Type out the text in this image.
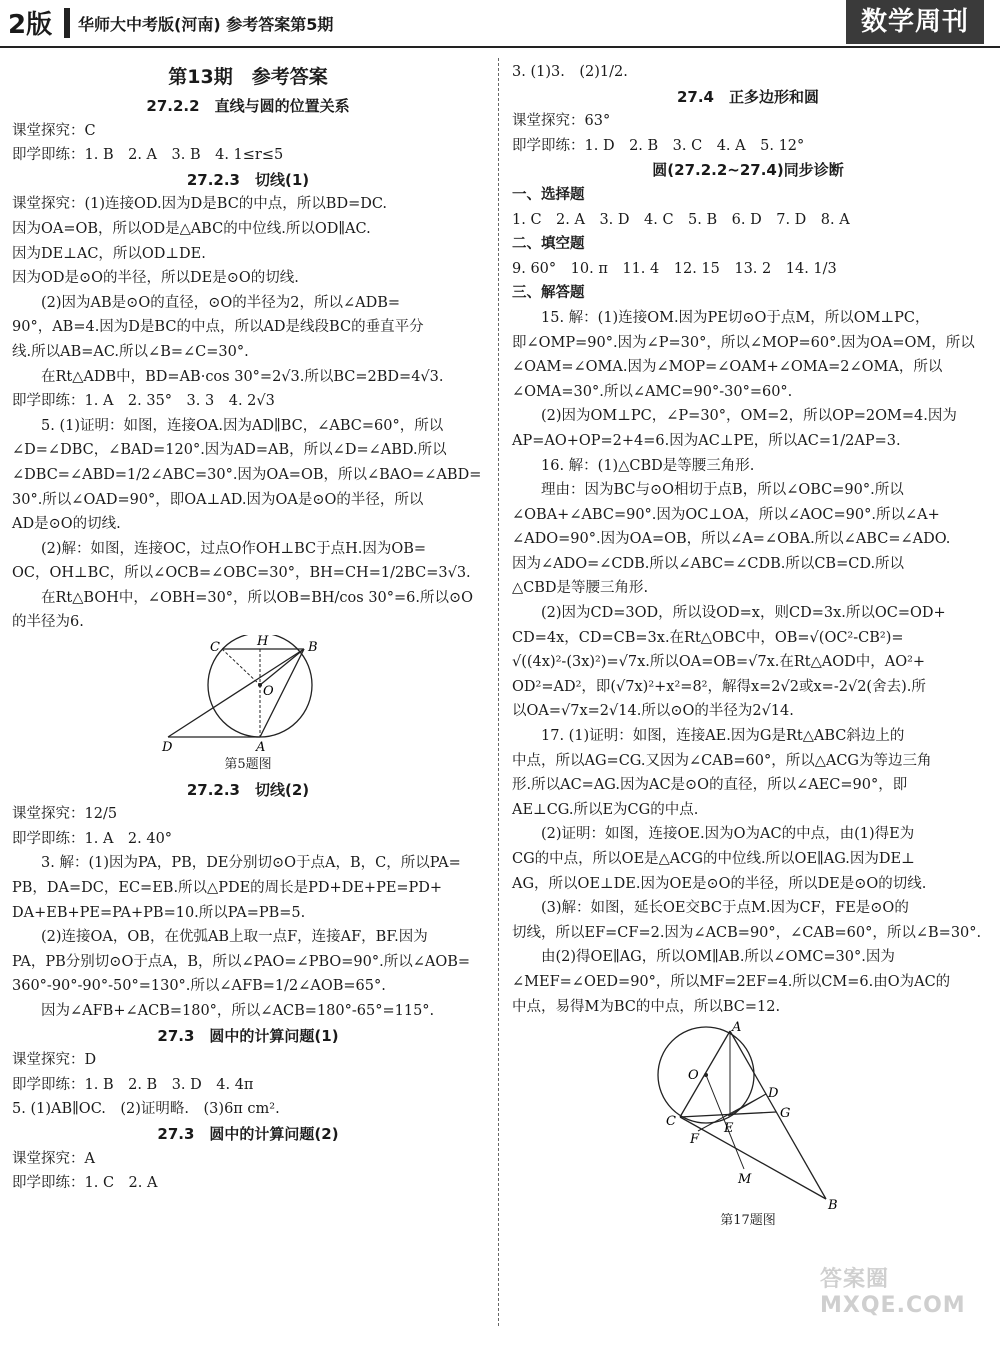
2版 华师大中考版(河南) 参考答案第5期	数学周刊

第13期　参考答案

27.2.2　直线与圆的位置关系

课堂探究：C

即学即练：1. B　2. A　3. B　4. 1≤r≤5

27.2.3　切线(1)

课堂探究：(1)连接OD.因为D是BC的中点，所以BD=DC.

因为OA=OB，所以OD是△ABC的中位线.所以OD∥AC.

因为DE⊥AC，所以OD⊥DE.

因为OD是⊙O的半径，所以DE是⊙O的切线.

(2)因为AB是⊙O的直径，⊙O的半径为2，所以∠ADB=

90°，AB=4.因为D是BC的中点，所以AD是线段BC的垂直平分

线.所以AB=AC.所以∠B=∠C=30°.

在Rt△ADB中，BD=AB·cos 30°=2√3.所以BC=2BD=4√3.

即学即练：1. A　2. 35°　3. 3　4. 2√3

5. (1)证明：如图，连接OA.因为AD∥BC，∠ABC=60°，所以

∠D=∠DBC，∠BAD=120°.因为AD=AB，所以∠D=∠ABD.所以

∠DBC=∠ABD=1/2∠ABC=30°.因为OA=OB，所以∠BAO=∠ABD=

30°.所以∠OAD=90°，即OA⊥AD.因为OA是⊙O的半径，所以

AD是⊙O的切线.

(2)解：如图，连接OC，过点O作OH⊥BC于点H.因为OB=

OC，OH⊥BC，所以∠OCB=∠OBC=30°，BH=CH=1/2BC=3√3.

在Rt△BOH中，∠OBH=30°，所以OB=BH/cos 30°=6.所以⊙O

的半径为6.

C	H	B
O
D	A

第5题图

27.2.3　切线(2)

课堂探究：12/5

即学即练：1. A　2. 40°

3. 解：(1)因为PA，PB，DE分别切⊙O于点A，B，C，所以PA=

PB，DA=DC，EC=EB.所以△PDE的周长是PD+DE+PE=PD+

DA+EB+PE=PA+PB=10.所以PA=PB=5.

(2)连接OA，OB，在优弧AB上取一点F，连接AF，BF.因为

PA，PB分别切⊙O于点A，B，所以∠PAO=∠PBO=90°.所以∠AOB=

360°-90°-90°-50°=130°.所以∠AFB=1/2∠AOB=65°.

因为∠AFB+∠ACB=180°，所以∠ACB=180°-65°=115°.

27.3　圆中的计算问题(1)

课堂探究：D

即学即练：1. B　2. B　3. D　4. 4π

5. (1)AB∥OC.　(2)证明略.　(3)6π cm².

27.3　圆中的计算问题(2)

课堂探究：A

即学即练：1. C　2. A

3. (1)3.　(2)1/2.

27.4　正多边形和圆

课堂探究：63°

即学即练：1. D　2. B　3. C　4. A　5. 12°

圆(27.2.2~27.4)同步诊断

一、选择题

1. C　2. A　3. D　4. C　5. B　6. D　7. D　8. A

二、填空题

9. 60°　10. π　11. 4　12. 15　13. 2　14. 1/3

三、解答题

15. 解：(1)连接OM.因为PE切⊙O于点M，所以OM⊥PC，

即∠OMP=90°.因为∠P=30°，所以∠MOP=60°.因为OA=OM，所以

∠OAM=∠OMA.因为∠MOP=∠OAM+∠OMA=2∠OMA，所以

∠OMA=30°.所以∠AMC=90°-30°=60°.

(2)因为OM⊥PC，∠P=30°，OM=2，所以OP=2OM=4.因为

AP=AO+OP=2+4=6.因为AC⊥PE，所以AC=1/2AP=3.

16. 解：(1)△CBD是等腰三角形.

理由：因为BC与⊙O相切于点B，所以∠OBC=90°.所以

∠OBA+∠ABC=90°.因为OC⊥OA，所以∠AOC=90°.所以∠A+

∠ADO=90°.因为OA=OB，所以∠A=∠OBA.所以∠ABC=∠ADO.

因为∠ADO=∠CDB.所以∠ABC=∠CDB.所以CB=CD.所以

△CBD是等腰三角形.

(2)因为CD=3OD，所以设OD=x，则CD=3x.所以OC=OD+

CD=4x，CD=CB=3x.在Rt△OBC中，OB=√(OC²-CB²)=

√((4x)²-(3x)²)=√7x.所以OA=OB=√7x.在Rt△AOD中，AO²+

OD²=AD²，即(√7x)²+x²=8²，解得x=2√2或x=-2√2(舍去).所

以OA=√7x=2√14.所以⊙O的半径为2√14.

17. (1)证明：如图，连接AE.因为G是Rt△ABC斜边上的

中点，所以AG=CG.又因为∠CAB=60°，所以△ACG为等边三角

形.所以AC=AG.因为AC是⊙O的直径，所以∠AEC=90°，即

AE⊥CG.所以E为CG的中点.

(2)证明：如图，连接OE.因为O为AC的中点，由(1)得E为

CG的中点，所以OE是△ACG的中位线.所以OE∥AG.因为DE⊥

AG，所以OE⊥DE.因为OE是⊙O的半径，所以DE是⊙O的切线.

(3)解：如图，延长OE交BC于点M.因为CF，FE是⊙O的

切线，所以EF=CF=2.因为∠ACB=90°，∠CAB=60°，所以∠B=30°.

由(2)得OE∥AG，所以OM∥AB.所以∠OMC=30°.因为

∠MEF=∠OED=90°，所以MF=2EF=4.所以CM=6.由O为AC的

中点，易得M为BC的中点，所以BC=12.

A
O
D
G
C	E
F
M
B

第17题图

答案圈 MXQE.COM
